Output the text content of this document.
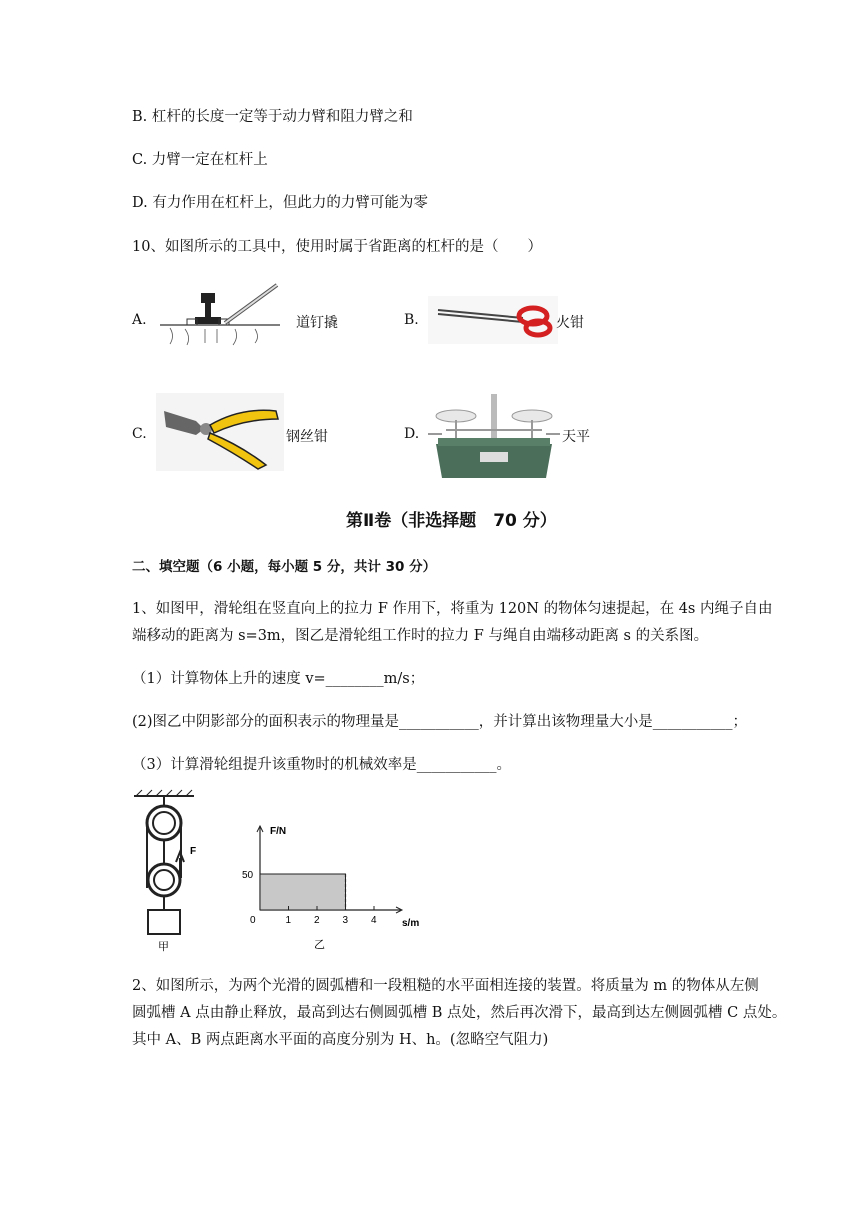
B. 杠杆的长度一定等于动力臂和阻力臂之和
C. 力臂一定在杠杆上
D. 有力作用在杠杆上，但此力的力臂可能为零
10、如图所示的工具中，使用时属于省距离的杠杆的是（　　）
A.	道钉撬	B.	火钳
C.	钢丝钳	D.	天平
第Ⅱ卷（非选择题　70 分）
二、填空题（6 小题，每小题 5 分，共计 30 分）
1、如图甲，滑轮组在竖直向上的拉力 F 作用下，将重为 120N 的物体匀速提起，在 4s 内绳子自由
端移动的距离为 s=3m，图乙是滑轮组工作时的拉力 F 与绳自由端移动距离 s 的关系图。
（1）计算物体上升的速度 v=________m/s；
(2)图乙中阴影部分的面积表示的物理量是___________，并计算出该物理量大小是___________；
（3）计算滑轮组提升该重物时的机械效率是___________。
F
甲
F/N
s/m
0	1 2 3 4
50
乙
2、如图所示，为两个光滑的圆弧槽和一段粗糙的水平面相连接的装置。将质量为 m 的物体从左侧
圆弧槽 A 点由静止释放，最高到达右侧圆弧槽 B 点处，然后再次滑下，最高到达左侧圆弧槽 C 点处。
其中 A、B 两点距离水平面的高度分别为 H、h。(忽略空气阻力)
